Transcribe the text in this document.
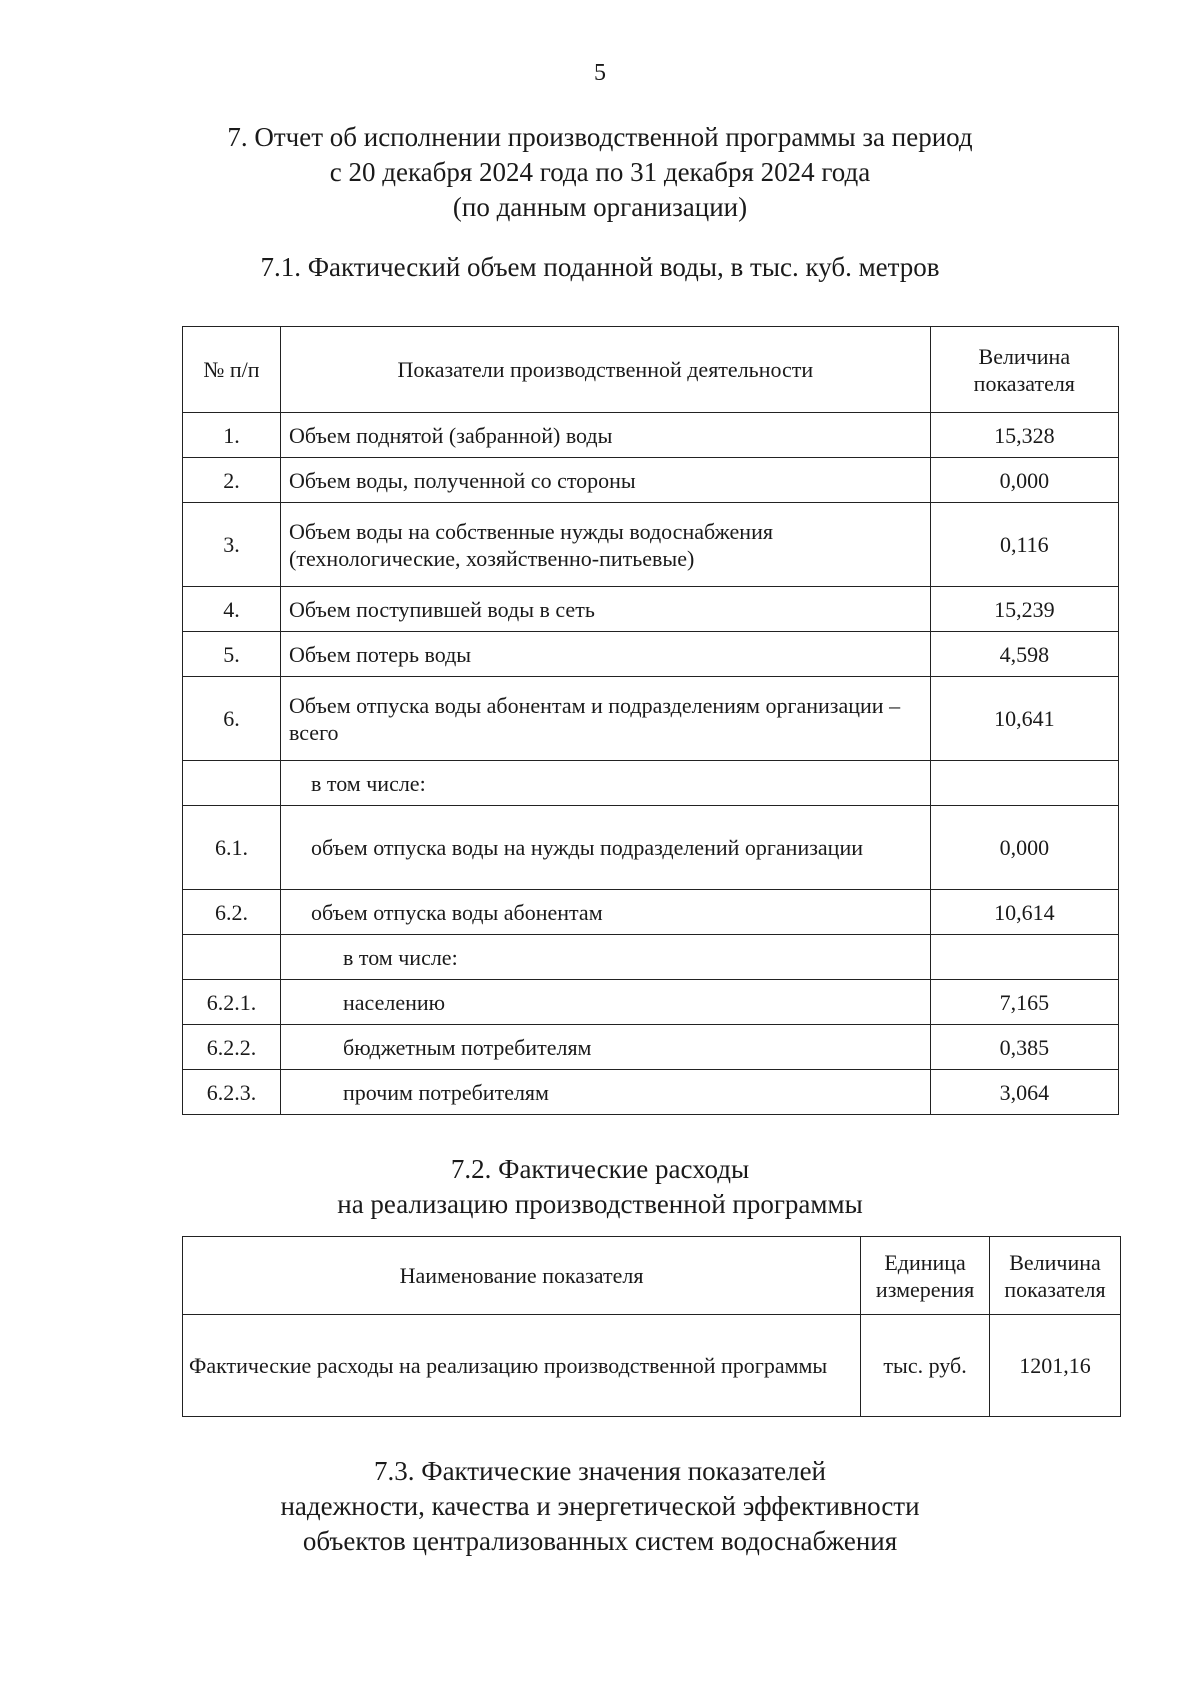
5
7. Отчет об исполнении производственной программы за период
с 20 декабря 2024 года по 31 декабря 2024 года
(по данным организации)
7.1. Фактический объем поданной воды, в тыс. куб. метров
№ п/п	Показатели производственной деятельности	Величина показателя
1.	Объем поднятой (забранной) воды	15,328
2.	Объем воды, полученной со стороны	0,000
3.	Объем воды на собственные нужды водоснабжения (технологические, хозяйственно-питьевые)	0,116
4.	Объем поступившей воды в сеть	15,239
5.	Объем потерь воды	4,598
6.	Объем отпуска воды абонентам и подразделениям организации – всего	10,641
	в том числе:	
6.1.	объем отпуска воды на нужды подразделений организации	0,000
6.2.	объем отпуска воды абонентам	10,614
	в том числе:	
6.2.1.	населению	7,165
6.2.2.	бюджетным потребителям	0,385
6.2.3.	прочим потребителям	3,064
7.2. Фактические расходы
на реализацию производственной программы
Наименование показателя	Единица измерения	Величина показателя
Фактические расходы на реализацию производственной программы	тыс. руб.	1201,16
7.3. Фактические значения показателей
надежности, качества и энергетической эффективности
объектов централизованных систем водоснабжения
